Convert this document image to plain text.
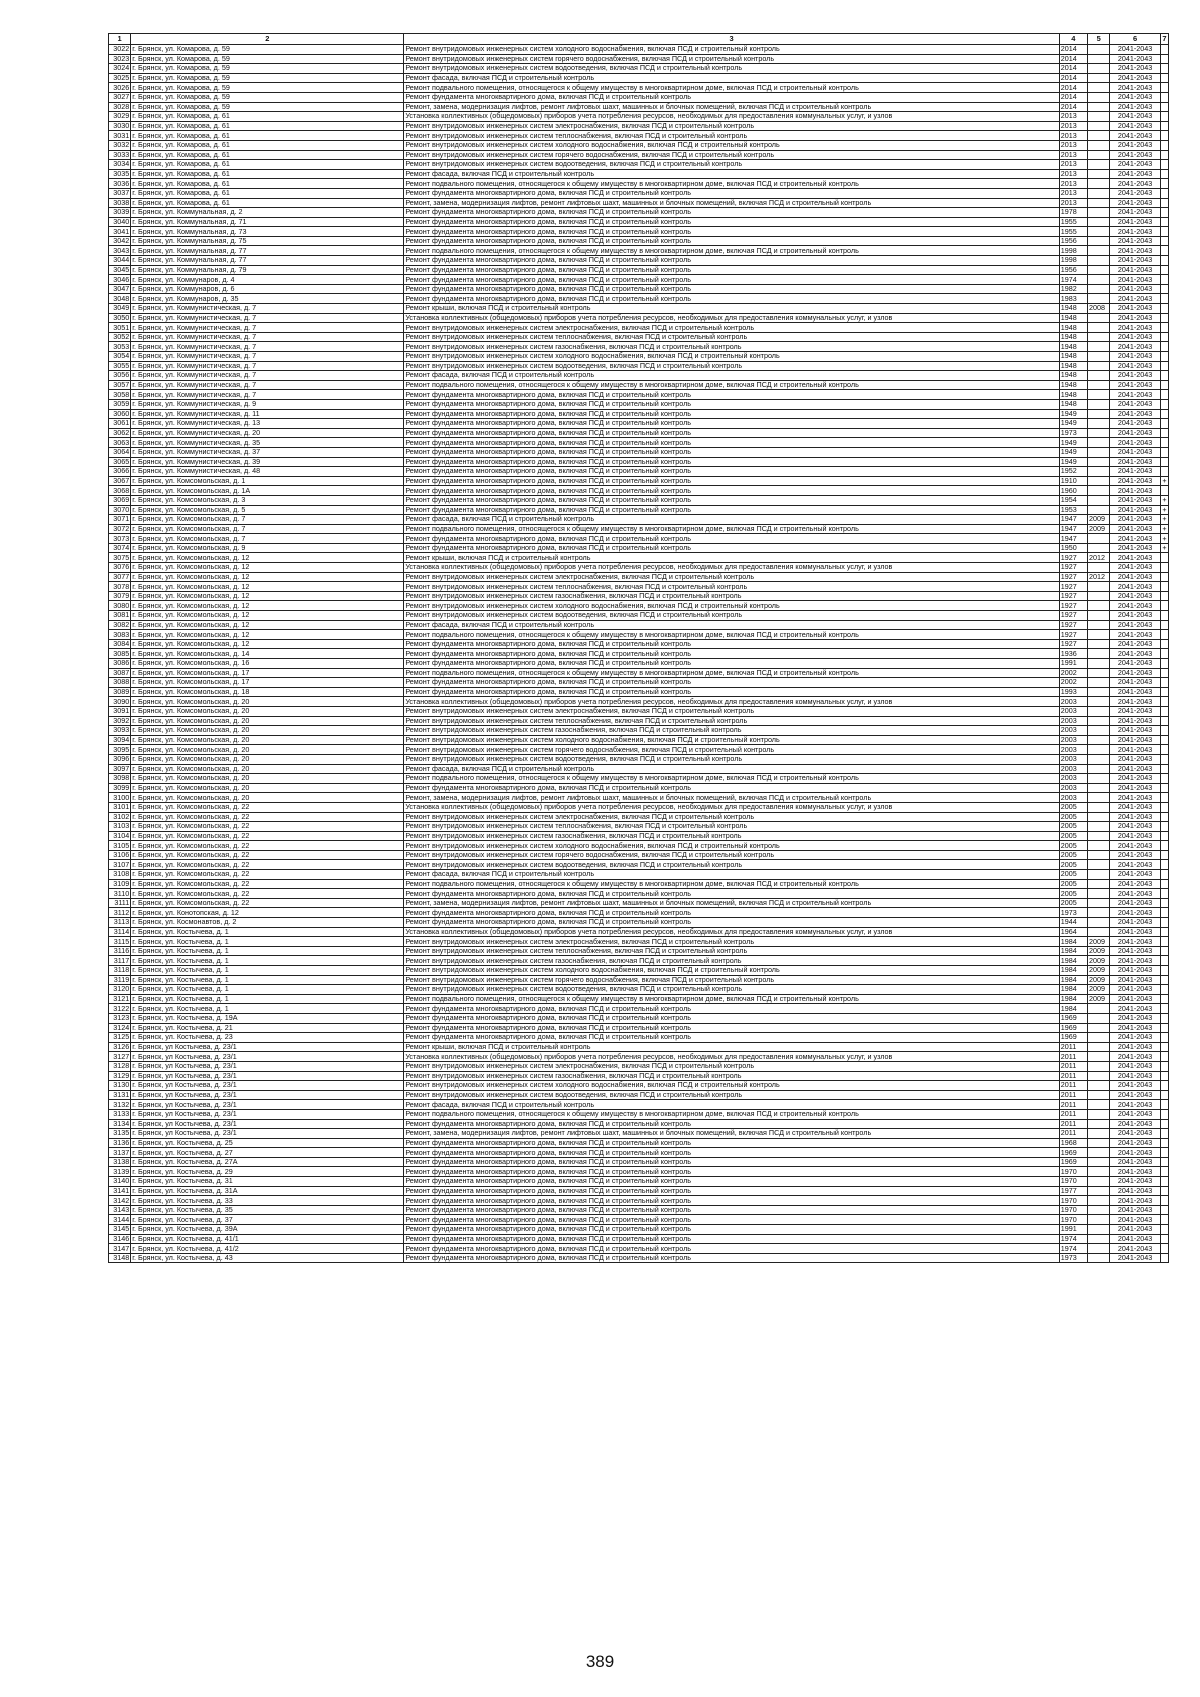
1	2	3	4	5	6	7
3022	г. Брянск, ул. Комарова, д. 59	Ремонт внутридомовых инженерных систем холодного водоснабжения, включая ПСД и строительный контроль	2014		2041-2043	
3023	г. Брянск, ул. Комарова, д. 59	Ремонт внутридомовых инженерных систем горячего водоснабжения, включая ПСД и строительный контроль	2014		2041-2043	
3024	г. Брянск, ул. Комарова, д. 59	Ремонт внутридомовых инженерных систем водоотведения, включая ПСД и строительный контроль	2014		2041-2043	
3025	г. Брянск, ул. Комарова, д. 59	Ремонт фасада, включая ПСД и строительный контроль	2014		2041-2043	
3026	г. Брянск, ул. Комарова, д. 59	Ремонт подвального помещения, относящегося к общему имуществу в многоквартирном доме, включая ПСД и строительный контроль	2014		2041-2043	
3027	г. Брянск, ул. Комарова, д. 59	Ремонт фундамента многоквартирного дома, включая ПСД и строительный контроль	2014		2041-2043	
3028	г. Брянск, ул. Комарова, д. 59	Ремонт, замена, модернизация лифтов, ремонт лифтовых шахт, машинных и блочных помещений, включая ПСД и строительный контроль	2014		2041-2043	
3029	г. Брянск, ул. Комарова, д. 61	Установка коллективных (общедомовых) приборов учета потребления ресурсов, необходимых для предоставления коммунальных услуг, и узлов	2013		2041-2043	
3030	г. Брянск, ул. Комарова, д. 61	Ремонт внутридомовых инженерных систем электроснабжения, включая ПСД и строительный контроль	2013		2041-2043	
3031	г. Брянск, ул. Комарова, д. 61	Ремонт внутридомовых инженерных систем теплоснабжения, включая ПСД и строительный контроль	2013		2041-2043	
3032	г. Брянск, ул. Комарова, д. 61	Ремонт внутридомовых инженерных систем холодного водоснабжения, включая ПСД и строительный контроль	2013		2041-2043	
3033	г. Брянск, ул. Комарова, д. 61	Ремонт внутридомовых инженерных систем горячего водоснабжения, включая ПСД и строительный контроль	2013		2041-2043	
3034	г. Брянск, ул. Комарова, д. 61	Ремонт внутридомовых инженерных систем водоотведения, включая ПСД и строительный контроль	2013		2041-2043	
3035	г. Брянск, ул. Комарова, д. 61	Ремонт фасада, включая ПСД и строительный контроль	2013		2041-2043	
3036	г. Брянск, ул. Комарова, д. 61	Ремонт подвального помещения, относящегося к общему имуществу в многоквартирном доме, включая ПСД и строительный контроль	2013		2041-2043	
3037	г. Брянск, ул. Комарова, д. 61	Ремонт фундамента многоквартирного дома, включая ПСД и строительный контроль	2013		2041-2043	
3038	г. Брянск, ул. Комарова, д. 61	Ремонт, замена, модернизация лифтов, ремонт лифтовых шахт, машинных и блочных помещений, включая ПСД и строительный контроль	2013		2041-2043	
3039	г. Брянск, ул. Коммунальная, д. 2	Ремонт фундамента многоквартирного дома, включая ПСД и строительный контроль	1978		2041-2043	
3040	г. Брянск, ул. Коммунальная, д. 71	Ремонт фундамента многоквартирного дома, включая ПСД и строительный контроль	1955		2041-2043	
3041	г. Брянск, ул. Коммунальная, д. 73	Ремонт фундамента многоквартирного дома, включая ПСД и строительный контроль	1955		2041-2043	
3042	г. Брянск, ул. Коммунальная, д. 75	Ремонт фундамента многоквартирного дома, включая ПСД и строительный контроль	1956		2041-2043	
3043	г. Брянск, ул. Коммунальная, д. 77	Ремонт подвального помещения, относящегося к общему имуществу в многоквартирном доме, включая ПСД и строительный контроль	1998		2041-2043	
3044	г. Брянск, ул. Коммунальная, д. 77	Ремонт фундамента многоквартирного дома, включая ПСД и строительный контроль	1998		2041-2043	
3045	г. Брянск, ул. Коммунальная, д. 79	Ремонт фундамента многоквартирного дома, включая ПСД и строительный контроль	1956		2041-2043	
3046	г. Брянск, ул. Коммунаров, д. 4	Ремонт фундамента многоквартирного дома, включая ПСД и строительный контроль	1974		2041-2043	
3047	г. Брянск, ул. Коммунаров, д. 6	Ремонт фундамента многоквартирного дома, включая ПСД и строительный контроль	1982		2041-2043	
3048	г. Брянск, ул. Коммунаров, д. 35	Ремонт фундамента многоквартирного дома, включая ПСД и строительный контроль	1983		2041-2043	
3049	г. Брянск, ул. Коммунистическая, д. 7	Ремонт крыши, включая ПСД и строительный контроль	1948	2008	2041-2043	
3050	г. Брянск, ул. Коммунистическая, д. 7	Установка коллективных (общедомовых) приборов учета потребления ресурсов, необходимых для предоставления коммунальных услуг, и узлов	1948		2041-2043	
3051	г. Брянск, ул. Коммунистическая, д. 7	Ремонт внутридомовых инженерных систем электроснабжения, включая ПСД и строительный контроль	1948		2041-2043	
3052	г. Брянск, ул. Коммунистическая, д. 7	Ремонт внутридомовых инженерных систем теплоснабжения, включая ПСД и строительный контроль	1948		2041-2043	
3053	г. Брянск, ул. Коммунистическая, д. 7	Ремонт внутридомовых инженерных систем газоснабжения, включая ПСД и строительный контроль	1948		2041-2043	
3054	г. Брянск, ул. Коммунистическая, д. 7	Ремонт внутридомовых инженерных систем холодного водоснабжения, включая ПСД и строительный контроль	1948		2041-2043	
3055	г. Брянск, ул. Коммунистическая, д. 7	Ремонт внутридомовых инженерных систем водоотведения, включая ПСД и строительный контроль	1948		2041-2043	
3056	г. Брянск, ул. Коммунистическая, д. 7	Ремонт фасада, включая ПСД и строительный контроль	1948		2041-2043	
3057	г. Брянск, ул. Коммунистическая, д. 7	Ремонт подвального помещения, относящегося к общему имуществу в многоквартирном доме, включая ПСД и строительный контроль	1948		2041-2043	
3058	г. Брянск, ул. Коммунистическая, д. 7	Ремонт фундамента многоквартирного дома, включая ПСД и строительный контроль	1948		2041-2043	
3059	г. Брянск, ул. Коммунистическая, д. 9	Ремонт фундамента многоквартирного дома, включая ПСД и строительный контроль	1948		2041-2043	
3060	г. Брянск, ул. Коммунистическая, д. 11	Ремонт фундамента многоквартирного дома, включая ПСД и строительный контроль	1949		2041-2043	
3061	г. Брянск, ул. Коммунистическая, д. 13	Ремонт фундамента многоквартирного дома, включая ПСД и строительный контроль	1949		2041-2043	
3062	г. Брянск, ул. Коммунистическая, д. 20	Ремонт фундамента многоквартирного дома, включая ПСД и строительный контроль	1973		2041-2043	
3063	г. Брянск, ул. Коммунистическая, д. 35	Ремонт фундамента многоквартирного дома, включая ПСД и строительный контроль	1949		2041-2043	
3064	г. Брянск, ул. Коммунистическая, д. 37	Ремонт фундамента многоквартирного дома, включая ПСД и строительный контроль	1949		2041-2043	
3065	г. Брянск, ул. Коммунистическая, д. 39	Ремонт фундамента многоквартирного дома, включая ПСД и строительный контроль	1949		2041-2043	
3066	г. Брянск, ул. Коммунистическая, д. 48	Ремонт фундамента многоквартирного дома, включая ПСД и строительный контроль	1952		2041-2043	
3067	г. Брянск, ул. Комсомольская, д. 1	Ремонт фундамента многоквартирного дома, включая ПСД и строительный контроль	1910		2041-2043	+
3068	г. Брянск, ул. Комсомольская, д. 1А	Ремонт фундамента многоквартирного дома, включая ПСД и строительный контроль	1960		2041-2043	
3069	г. Брянск, ул. Комсомольская, д. 3	Ремонт фундамента многоквартирного дома, включая ПСД и строительный контроль	1954		2041-2043	+
3070	г. Брянск, ул. Комсомольская, д. 5	Ремонт фундамента многоквартирного дома, включая ПСД и строительный контроль	1953		2041-2043	+
3071	г. Брянск, ул. Комсомольская, д. 7	Ремонт фасада, включая ПСД и строительный контроль	1947	2009	2041-2043	+
3072	г. Брянск, ул. Комсомольская, д. 7	Ремонт подвального помещения, относящегося к общему имуществу в многоквартирном доме, включая ПСД и строительный контроль	1947	2009	2041-2043	+
3073	г. Брянск, ул. Комсомольская, д. 7	Ремонт фундамента многоквартирного дома, включая ПСД и строительный контроль	1947		2041-2043	+
3074	г. Брянск, ул. Комсомольская, д. 9	Ремонт фундамента многоквартирного дома, включая ПСД и строительный контроль	1950		2041-2043	+
3075	г. Брянск, ул. Комсомольская, д. 12	Ремонт крыши, включая ПСД и строительный контроль	1927	2012	2041-2043	
3076	г. Брянск, ул. Комсомольская, д. 12	Установка коллективных (общедомовых) приборов учета потребления ресурсов, необходимых для предоставления коммунальных услуг, и узлов	1927		2041-2043	
3077	г. Брянск, ул. Комсомольская, д. 12	Ремонт внутридомовых инженерных систем электроснабжения, включая ПСД и строительный контроль	1927	2012	2041-2043	
3078	г. Брянск, ул. Комсомольская, д. 12	Ремонт внутридомовых инженерных систем теплоснабжения, включая ПСД и строительный контроль	1927		2041-2043	
3079	г. Брянск, ул. Комсомольская, д. 12	Ремонт внутридомовых инженерных систем газоснабжения, включая ПСД и строительный контроль	1927		2041-2043	
3080	г. Брянск, ул. Комсомольская, д. 12	Ремонт внутридомовых инженерных систем холодного водоснабжения, включая ПСД и строительный контроль	1927		2041-2043	
3081	г. Брянск, ул. Комсомольская, д. 12	Ремонт внутридомовых инженерных систем водоотведения, включая ПСД и строительный контроль	1927		2041-2043	
3082	г. Брянск, ул. Комсомольская, д. 12	Ремонт фасада, включая ПСД и строительный контроль	1927		2041-2043	
3083	г. Брянск, ул. Комсомольская, д. 12	Ремонт подвального помещения, относящегося к общему имуществу в многоквартирном доме, включая ПСД и строительный контроль	1927		2041-2043	
3084	г. Брянск, ул. Комсомольская, д. 12	Ремонт фундамента многоквартирного дома, включая ПСД и строительный контроль	1927		2041-2043	
3085	г. Брянск, ул. Комсомольская, д. 14	Ремонт фундамента многоквартирного дома, включая ПСД и строительный контроль	1936		2041-2043	
3086	г. Брянск, ул. Комсомольская, д. 16	Ремонт фундамента многоквартирного дома, включая ПСД и строительный контроль	1991		2041-2043	
3087	г. Брянск, ул. Комсомольская, д. 17	Ремонт подвального помещения, относящегося к общему имуществу в многоквартирном доме, включая ПСД и строительный контроль	2002		2041-2043	
3088	г. Брянск, ул. Комсомольская, д. 17	Ремонт фундамента многоквартирного дома, включая ПСД и строительный контроль	2002		2041-2043	
3089	г. Брянск, ул. Комсомольская, д. 18	Ремонт фундамента многоквартирного дома, включая ПСД и строительный контроль	1993		2041-2043	
3090	г. Брянск, ул. Комсомольская, д. 20	Установка коллективных (общедомовых) приборов учета потребления ресурсов, необходимых для предоставления коммунальных услуг, и узлов	2003		2041-2043	
3091	г. Брянск, ул. Комсомольская, д. 20	Ремонт внутридомовых инженерных систем электроснабжения, включая ПСД и строительный контроль	2003		2041-2043	
3092	г. Брянск, ул. Комсомольская, д. 20	Ремонт внутридомовых инженерных систем теплоснабжения, включая ПСД и строительный контроль	2003		2041-2043	
3093	г. Брянск, ул. Комсомольская, д. 20	Ремонт внутридомовых инженерных систем газоснабжения, включая ПСД и строительный контроль	2003		2041-2043	
3094	г. Брянск, ул. Комсомольская, д. 20	Ремонт внутридомовых инженерных систем холодного водоснабжения, включая ПСД и строительный контроль	2003		2041-2043	
3095	г. Брянск, ул. Комсомольская, д. 20	Ремонт внутридомовых инженерных систем горячего водоснабжения, включая ПСД и строительный контроль	2003		2041-2043	
3096	г. Брянск, ул. Комсомольская, д. 20	Ремонт внутридомовых инженерных систем водоотведения, включая ПСД и строительный контроль	2003		2041-2043	
3097	г. Брянск, ул. Комсомольская, д. 20	Ремонт фасада, включая ПСД и строительный контроль	2003		2041-2043	
3098	г. Брянск, ул. Комсомольская, д. 20	Ремонт подвального помещения, относящегося к общему имуществу в многоквартирном доме, включая ПСД и строительный контроль	2003		2041-2043	
3099	г. Брянск, ул. Комсомольская, д. 20	Ремонт фундамента многоквартирного дома, включая ПСД и строительный контроль	2003		2041-2043	
3100	г. Брянск, ул. Комсомольская, д. 20	Ремонт, замена, модернизация лифтов, ремонт лифтовых шахт, машинных и блочных помещений, включая ПСД и строительный контроль	2003		2041-2043	
3101	г. Брянск, ул. Комсомольская, д. 22	Установка коллективных (общедомовых) приборов учета потребления ресурсов, необходимых для предоставления коммунальных услуг, и узлов	2005		2041-2043	
3102	г. Брянск, ул. Комсомольская, д. 22	Ремонт внутридомовых инженерных систем электроснабжения, включая ПСД и строительный контроль	2005		2041-2043	
3103	г. Брянск, ул. Комсомольская, д. 22	Ремонт внутридомовых инженерных систем теплоснабжения, включая ПСД и строительный контроль	2005		2041-2043	
3104	г. Брянск, ул. Комсомольская, д. 22	Ремонт внутридомовых инженерных систем газоснабжения, включая ПСД и строительный контроль	2005		2041-2043	
3105	г. Брянск, ул. Комсомольская, д. 22	Ремонт внутридомовых инженерных систем холодного водоснабжения, включая ПСД и строительный контроль	2005		2041-2043	
3106	г. Брянск, ул. Комсомольская, д. 22	Ремонт внутридомовых инженерных систем горячего водоснабжения, включая ПСД и строительный контроль	2005		2041-2043	
3107	г. Брянск, ул. Комсомольская, д. 22	Ремонт внутридомовых инженерных систем водоотведения, включая ПСД и строительный контроль	2005		2041-2043	
3108	г. Брянск, ул. Комсомольская, д. 22	Ремонт фасада, включая ПСД и строительный контроль	2005		2041-2043	
3109	г. Брянск, ул. Комсомольская, д. 22	Ремонт подвального помещения, относящегося к общему имуществу в многоквартирном доме, включая ПСД и строительный контроль	2005		2041-2043	
3110	г. Брянск, ул. Комсомольская, д. 22	Ремонт фундамента многоквартирного дома, включая ПСД и строительный контроль	2005		2041-2043	
3111	г. Брянск, ул. Комсомольская, д. 22	Ремонт, замена, модернизация лифтов, ремонт лифтовых шахт, машинных и блочных помещений, включая ПСД и строительный контроль	2005		2041-2043	
3112	г. Брянск, ул. Конотопская, д. 12	Ремонт фундамента многоквартирного дома, включая ПСД и строительный контроль	1973		2041-2043	
3113	г. Брянск, ул. Космонавтов, д. 2	Ремонт фундамента многоквартирного дома, включая ПСД и строительный контроль	1944		2041-2043	
3114	г. Брянск, ул. Костычева, д. 1	Установка коллективных (общедомовых) приборов учета потребления ресурсов, необходимых для предоставления коммунальных услуг, и узлов	1964		2041-2043	
3115	г. Брянск, ул. Костычева, д. 1	Ремонт внутридомовых инженерных систем электроснабжения, включая ПСД и строительный контроль	1984	2009	2041-2043	
3116	г. Брянск, ул. Костычева, д. 1	Ремонт внутридомовых инженерных систем теплоснабжения, включая ПСД и строительный контроль	1984	2009	2041-2043	
3117	г. Брянск, ул. Костычева, д. 1	Ремонт внутридомовых инженерных систем газоснабжения, включая ПСД и строительный контроль	1984	2009	2041-2043	
3118	г. Брянск, ул. Костычева, д. 1	Ремонт внутридомовых инженерных систем холодного водоснабжения, включая ПСД и строительный контроль	1984	2009	2041-2043	
3119	г. Брянск, ул. Костычева, д. 1	Ремонт внутридомовых инженерных систем горячего водоснабжения, включая ПСД и строительный контроль	1984	2009	2041-2043	
3120	г. Брянск, ул. Костычева, д. 1	Ремонт внутридомовых инженерных систем водоотведения, включая ПСД и строительный контроль	1984	2009	2041-2043	
3121	г. Брянск, ул. Костычева, д. 1	Ремонт подвального помещения, относящегося к общему имуществу в многоквартирном доме, включая ПСД и строительный контроль	1984	2009	2041-2043	
3122	г. Брянск, ул. Костычева, д. 1	Ремонт фундамента многоквартирного дома, включая ПСД и строительный контроль	1984		2041-2043	
3123	г. Брянск, ул. Костычева, д. 19А	Ремонт фундамента многоквартирного дома, включая ПСД и строительный контроль	1969		2041-2043	
3124	г. Брянск, ул. Костычева, д. 21	Ремонт фундамента многоквартирного дома, включая ПСД и строительный контроль	1969		2041-2043	
3125	г. Брянск, ул. Костычева, д. 23	Ремонт фундамента многоквартирного дома, включая ПСД и строительный контроль	1969		2041-2043	
3126	г. Брянск, ул Костычева, д. 23/1	Ремонт крыши, включая ПСД и строительный контроль	2011		2041-2043	
3127	г. Брянск, ул Костычева, д. 23/1	Установка коллективных (общедомовых) приборов учета потребления ресурсов, необходимых для предоставления коммунальных услуг, и узлов	2011		2041-2043	
3128	г. Брянск, ул Костычева, д. 23/1	Ремонт внутридомовых инженерных систем электроснабжения, включая ПСД и строительный контроль	2011		2041-2043	
3129	г. Брянск, ул Костычева, д. 23/1	Ремонт внутридомовых инженерных систем газоснабжения, включая ПСД и строительный контроль	2011		2041-2043	
3130	г. Брянск, ул Костычева, д. 23/1	Ремонт внутридомовых инженерных систем холодного водоснабжения, включая ПСД и строительный контроль	2011		2041-2043	
3131	г. Брянск, ул Костычева, д. 23/1	Ремонт внутридомовых инженерных систем водоотведения, включая ПСД и строительный контроль	2011		2041-2043	
3132	г. Брянск, ул Костычева, д. 23/1	Ремонт фасада, включая ПСД и строительный контроль	2011		2041-2043	
3133	г. Брянск, ул Костычева, д. 23/1	Ремонт подвального помещения, относящегося к общему имуществу в многоквартирном доме, включая ПСД и строительный контроль	2011		2041-2043	
3134	г. Брянск, ул Костычева, д. 23/1	Ремонт фундамента многоквартирного дома, включая ПСД и строительный контроль	2011		2041-2043	
3135	г. Брянск, ул Костычева, д. 23/1	Ремонт, замена, модернизация лифтов, ремонт лифтовых шахт, машинных и блочных помещений, включая ПСД и строительный контроль	2011		2041-2043	
3136	г. Брянск, ул. Костычева, д. 25	Ремонт фундамента многоквартирного дома, включая ПСД и строительный контроль	1968		2041-2043	
3137	г. Брянск, ул. Костычева, д. 27	Ремонт фундамента многоквартирного дома, включая ПСД и строительный контроль	1969		2041-2043	
3138	г. Брянск, ул. Костычева, д. 27А	Ремонт фундамента многоквартирного дома, включая ПСД и строительный контроль	1969		2041-2043	
3139	г. Брянск, ул. Костычева, д. 29	Ремонт фундамента многоквартирного дома, включая ПСД и строительный контроль	1970		2041-2043	
3140	г. Брянск, ул. Костычева, д. 31	Ремонт фундамента многоквартирного дома, включая ПСД и строительный контроль	1970		2041-2043	
3141	г. Брянск, ул. Костычева, д. 31А	Ремонт фундамента многоквартирного дома, включая ПСД и строительный контроль	1977		2041-2043	
3142	г. Брянск, ул. Костычева, д. 33	Ремонт фундамента многоквартирного дома, включая ПСД и строительный контроль	1970		2041-2043	
3143	г. Брянск, ул. Костычева, д. 35	Ремонт фундамента многоквартирного дома, включая ПСД и строительный контроль	1970		2041-2043	
3144	г. Брянск, ул. Костычева, д. 37	Ремонт фундамента многоквартирного дома, включая ПСД и строительный контроль	1970		2041-2043	
3145	г. Брянск, ул. Костычева, д. 39А	Ремонт фундамента многоквартирного дома, включая ПСД и строительный контроль	1991		2041-2043	
3146	г. Брянск, ул. Костычева, д. 41/1	Ремонт фундамента многоквартирного дома, включая ПСД и строительный контроль	1974		2041-2043	
3147	г. Брянск, ул. Костычева, д. 41/2	Ремонт фундамента многоквартирного дома, включая ПСД и строительный контроль	1974		2041-2043	
3148	г. Брянск, ул. Костычева, д. 43	Ремонт фундамента многоквартирного дома, включая ПСД и строительный контроль	1973		2041-2043	
389
